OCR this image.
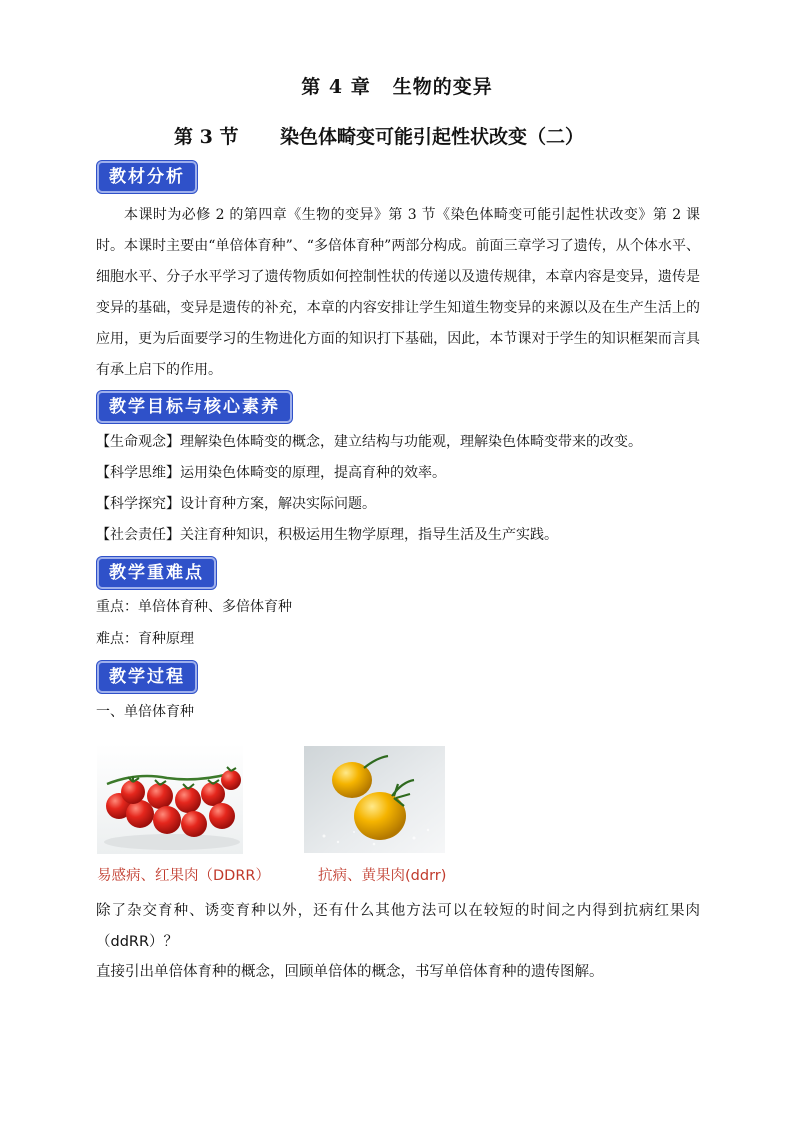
第 4 章 生物的变异
第 3 节 染色体畸变可能引起性状改变（二）
教材分析
本课时为必修 2 的第四章《生物的变异》第 3 节《染色体畸变可能引起性状改变》第 2 课时。本课时主要由“单倍体育种”、“多倍体育种”两部分构成。前面三章学习了遗传，从个体水平、细胞水平、分子水平学习了遗传物质如何控制性状的传递以及遗传规律，本章内容是变异，遗传是变异的基础，变异是遗传的补充，本章的内容安排让学生知道生物变异的来源以及在生产生活上的应用，更为后面要学习的生物进化方面的知识打下基础，因此，本节课对于学生的知识框架而言具有承上启下的作用。
教学目标与核心素养
【生命观念】理解染色体畸变的概念，建立结构与功能观，理解染色体畸变带来的改变。
【科学思维】运用染色体畸变的原理，提高育种的效率。
【科学探究】设计育种方案，解决实际问题。
【社会责任】关注育种知识，积极运用生物学原理，指导生活及生产实践。
教学重难点
重点：单倍体育种、多倍体育种
难点：育种原理
教学过程
一、单倍体育种
易感病、红果肉（DDRR）	抗病、黄果肉(ddrr)
除了杂交育种、诱变育种以外，还有什么其他方法可以在较短的时间之内得到抗病红果肉（ddRR）？
直接引出单倍体育种的概念，回顾单倍体的概念，书写单倍体育种的遗传图解。
